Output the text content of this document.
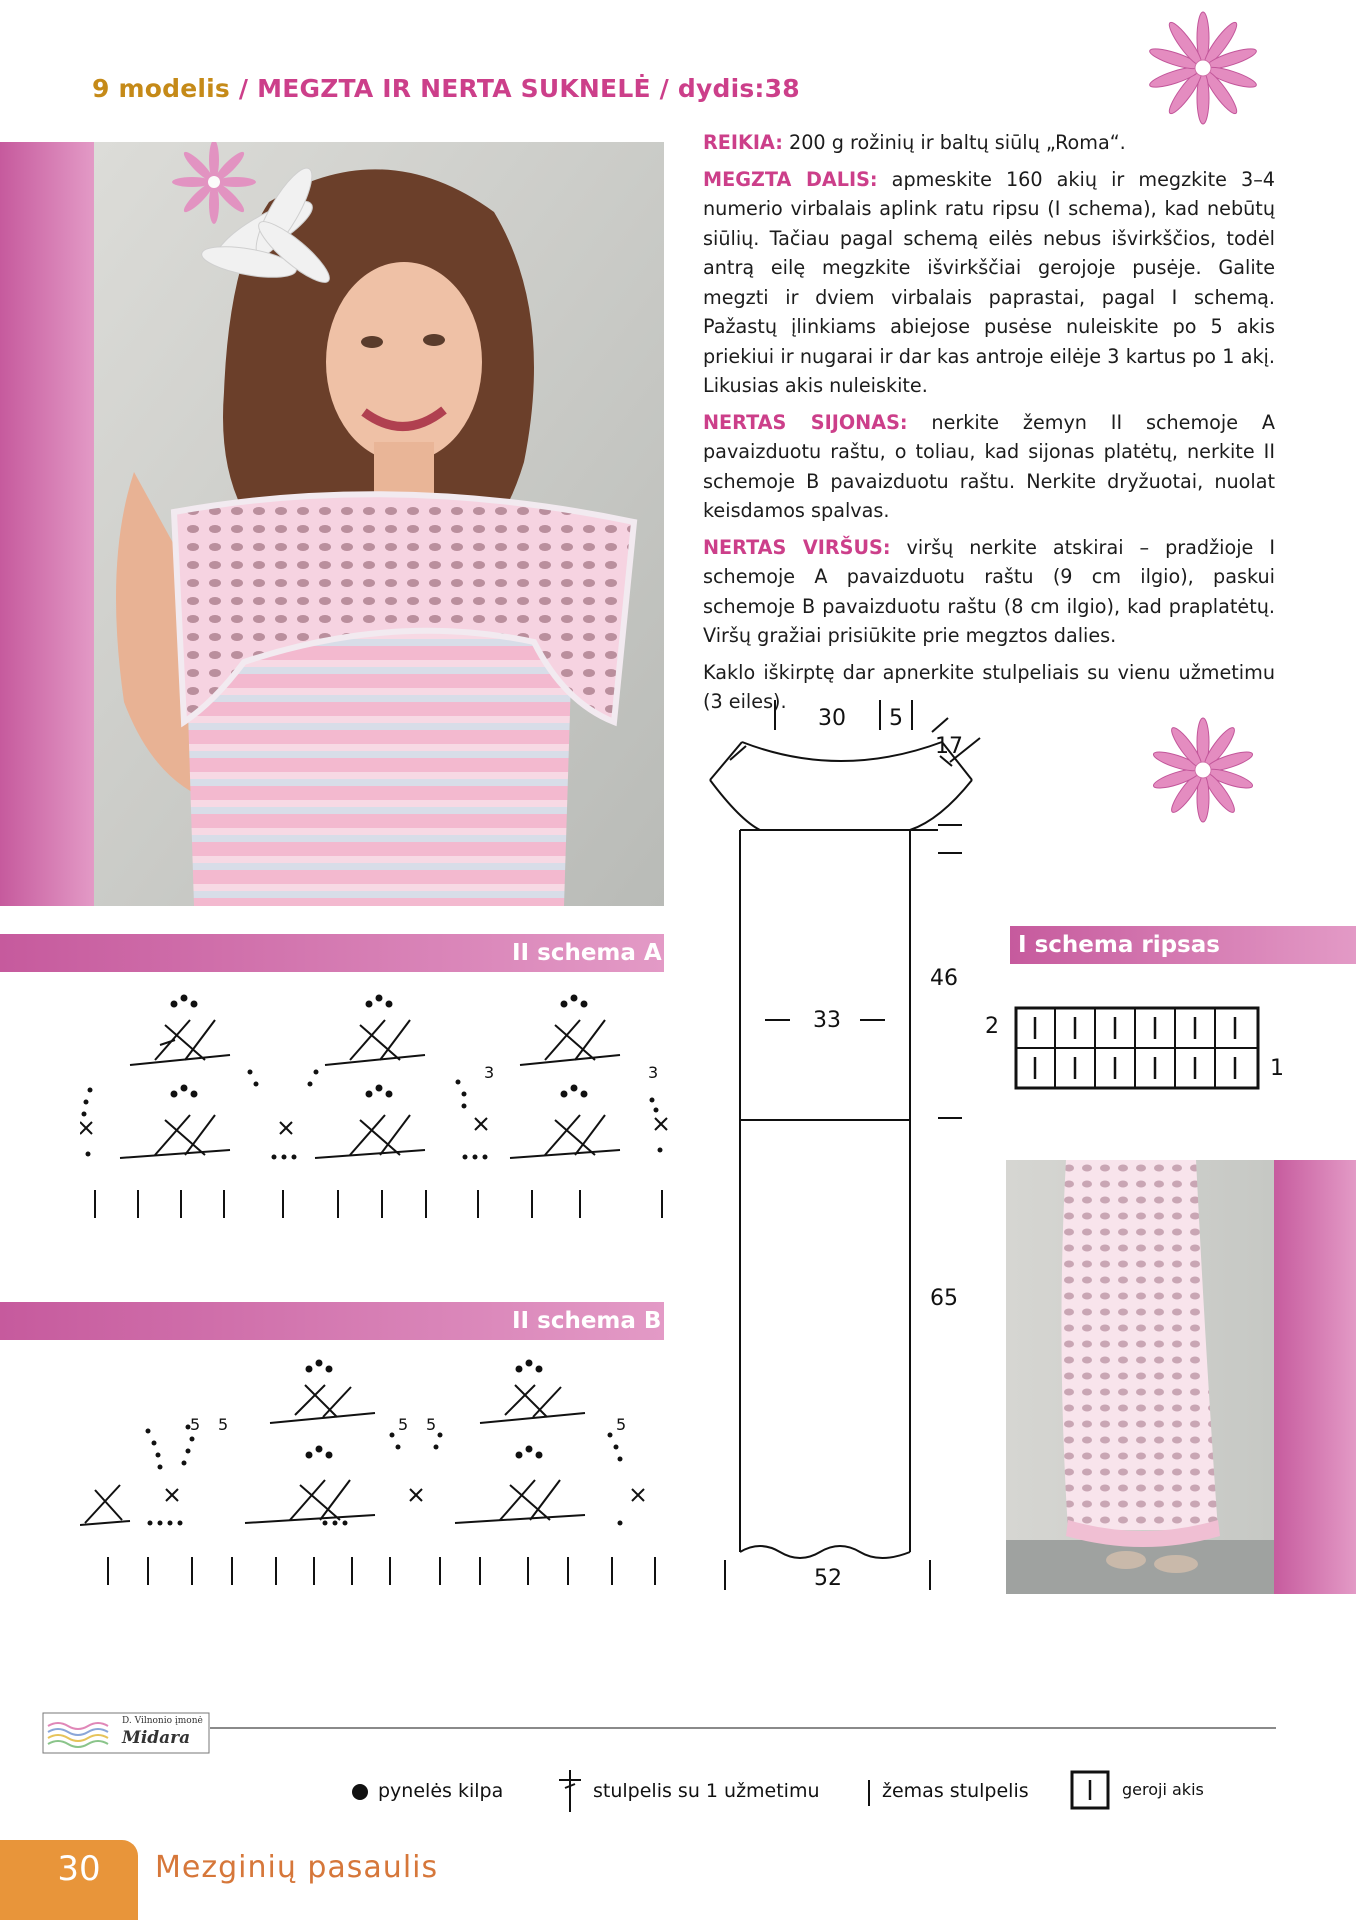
9 modelis / MEGZTA IR NERTA SUKNELĖ / dydis:38

REIKIA: 200 g rožinių ir baltų siūlų „Roma“.

MEGZTA DALIS: apmeskite 160 akių ir megzkite 3–4 numerio virbalais aplink ratu ripsu (I schema), kad nebūtų siūlių. Tačiau pagal schemą eilės nebus išvirkščios, todėl antrą eilę megzkite išvirkščiai gerojoje pusėje. Galite megzti ir dviem virbalais paprastai, pagal I schemą. Pažastų įlinkiams abiejose pusėse nuleiskite po 5 akis priekiui ir nugarai ir dar kas antroje eilėje 3 kartus po 1 akį. Likusias akis nuleiskite.

NERTAS SIJONAS: nerkite žemyn II schemoje A pavaizduotu raštu, o toliau, kad sijonas platėtų, nerkite II schemoje B pavaizduotu raštu. Nerkite dryžuotai, nuolat keisdamos spalvas.

NERTAS VIRŠUS: viršų nerkite atskirai – pradžioje I schemoje A pavaizduotu raštu (9 cm ilgio), paskui schemoje B pavaizduotu raštu (8 cm ilgio), kad praplatėtų. Viršų gražiai prisiūkite prie megztos dalies.

Kaklo iškirptę dar apnerkite stulpeliais su vienu užmetimu (3 eiles).

II schema A
3	3
II schema B
5 5	5 5	5
30 5
17
46
33
65
52
I schema ripsas
2
1
D. Vilnonio įmonė
Midara
pynelės kilpa	stulpelis su 1 užmetimu	žemas stulpelis	geroji akis
30	Mezginių pasaulis
